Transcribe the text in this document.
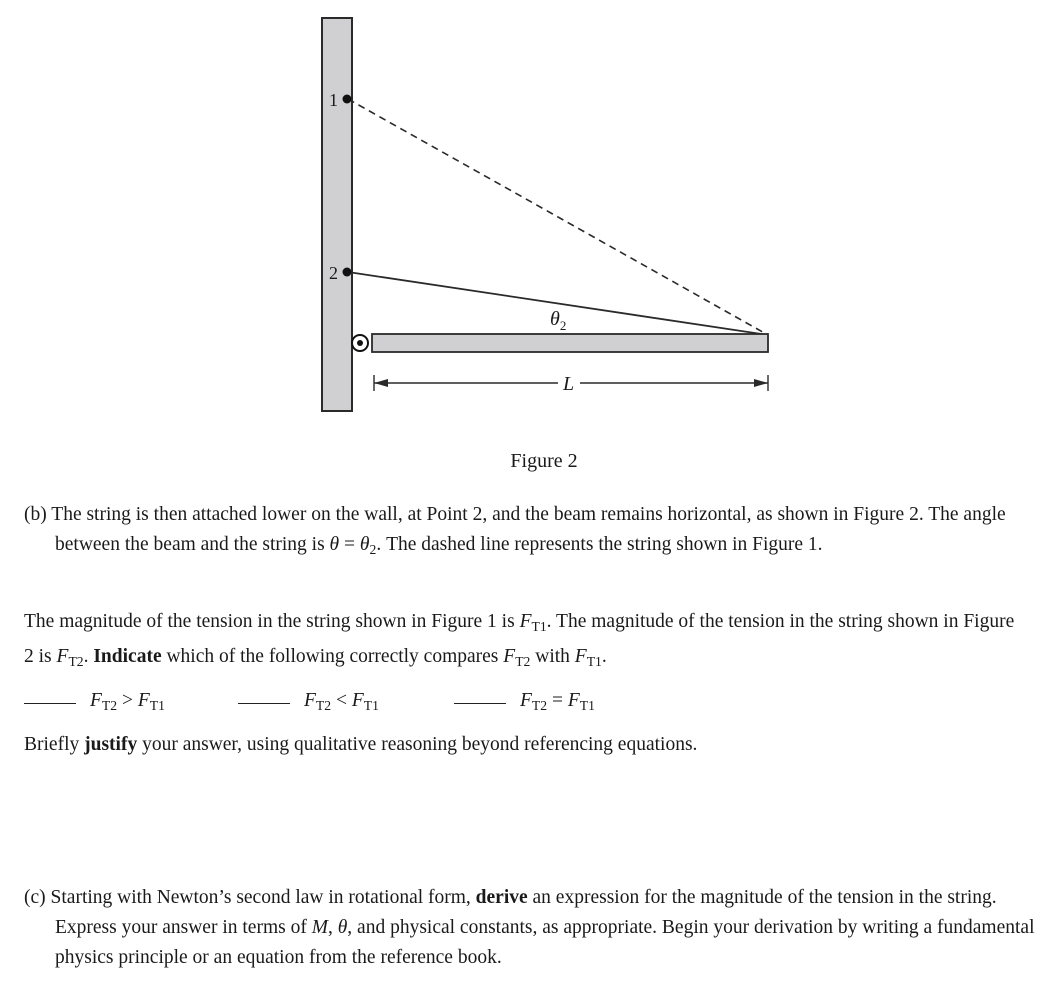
1
2
$\theta_2$
L
Figure 2

(b) The string is then attached lower on the wall, at Point 2, and the beam remains horizontal, as shown in Figure 2. The angle between the beam and the string is $\theta = \theta_2$. The dashed line represents the string shown in Figure 1.

The magnitude of the tension in the string shown in Figure 1 is $F_{T1}$. The magnitude of the tension in the string shown in Figure 2 is $F_{T2}$. Indicate which of the following correctly compares $F_{T2}$ with $F_{T1}$.

$F_{T2} > F_{T1}$	$F_{T2} < F_{T1}$	$F_{T2} = F_{T1}$

Briefly justify your answer, using qualitative reasoning beyond referencing equations.

(c) Starting with Newton’s second law in rotational form, derive an expression for the magnitude of the tension in the string. Express your answer in terms of M, θ, and physical constants, as appropriate. Begin your derivation by writing a fundamental physics principle or an equation from the reference book.
